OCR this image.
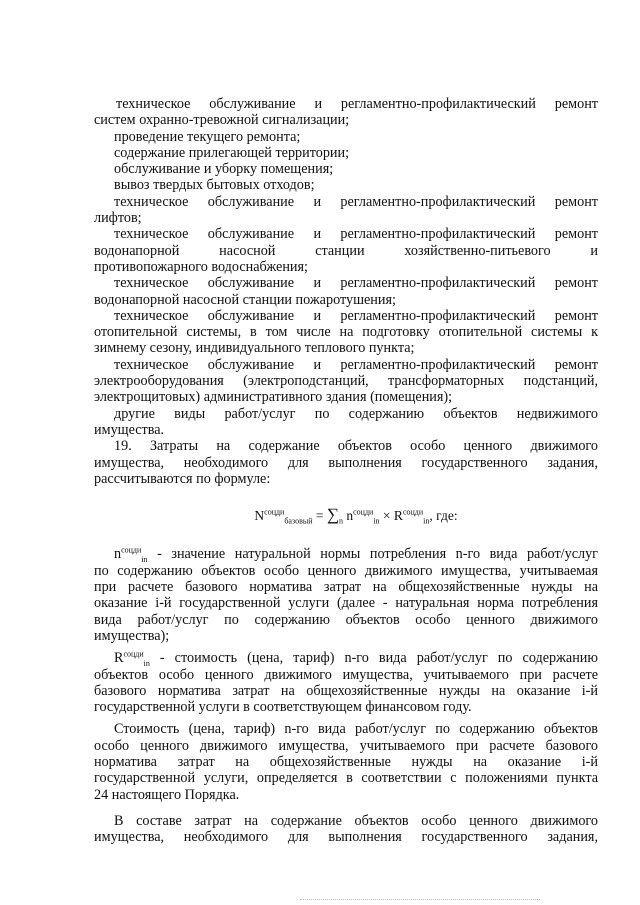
техническое обслуживание и регламентно-профилактический ремонт
систем охранно-тревожной сигнализации;
проведение текущего ремонта;
содержание прилегающей территории;
обслуживание и уборку помещения;
вывоз твердых бытовых отходов;
техническое обслуживание и регламентно-профилактический ремонт
лифтов;
техническое обслуживание и регламентно-профилактический ремонт
водонапорной насосной станции хозяйственно-питьевого и
противопожарного водоснабжения;
техническое обслуживание и регламентно-профилактический ремонт
водонапорной насосной станции пожаротушения;
техническое обслуживание и регламентно-профилактический ремонт
отопительной системы, в том числе на подготовку отопительной системы к
зимнему сезону, индивидуального теплового пункта;
техническое обслуживание и регламентно-профилактический ремонт
электрооборудования (электроподстанций, трансформаторных подстанций,
электрощитовых) административного здания (помещения);
другие виды работ/услуг по содержанию объектов недвижимого
имущества.
19. Затраты на содержание объектов особо ценного движимого
имущества, необходимого для выполнения государственного задания,
рассчитываются по формуле:
$N^{соцди}_{базовый} = \sum_n$ $n^{соцди}_{in} \times R^{соцди}_{in}$, где:
$n^{соцди}_{in}$ - значение натуральной нормы потребления n-го вида работ/услуг
по содержанию объектов особо ценного движимого имущества, учитываемая
при расчете базового норматива затрат на общехозяйственные нужды на
оказание i-й государственной услуги (далее - натуральная норма потребления
вида работ/услуг по содержанию объектов особо ценного движимого
имущества);
$R^{соцди}_{in}$ - стоимость (цена, тариф) n-го вида работ/услуг по содержанию
объектов особо ценного движимого имущества, учитываемого при расчете
базового норматива затрат на общехозяйственные нужды на оказание i-й
государственной услуги в соответствующем финансовом году.
Стоимость (цена, тариф) n-го вида работ/услуг по содержанию объектов
особо ценного движимого имущества, учитываемого при расчете базового
норматива затрат на общехозяйственные нужды на оказание i-й
государственной услуги, определяется в соответствии с положениями пункта
24 настоящего Порядка.
В составе затрат на содержание объектов особо ценного движимого
имущества, необходимого для выполнения государственного задания,
